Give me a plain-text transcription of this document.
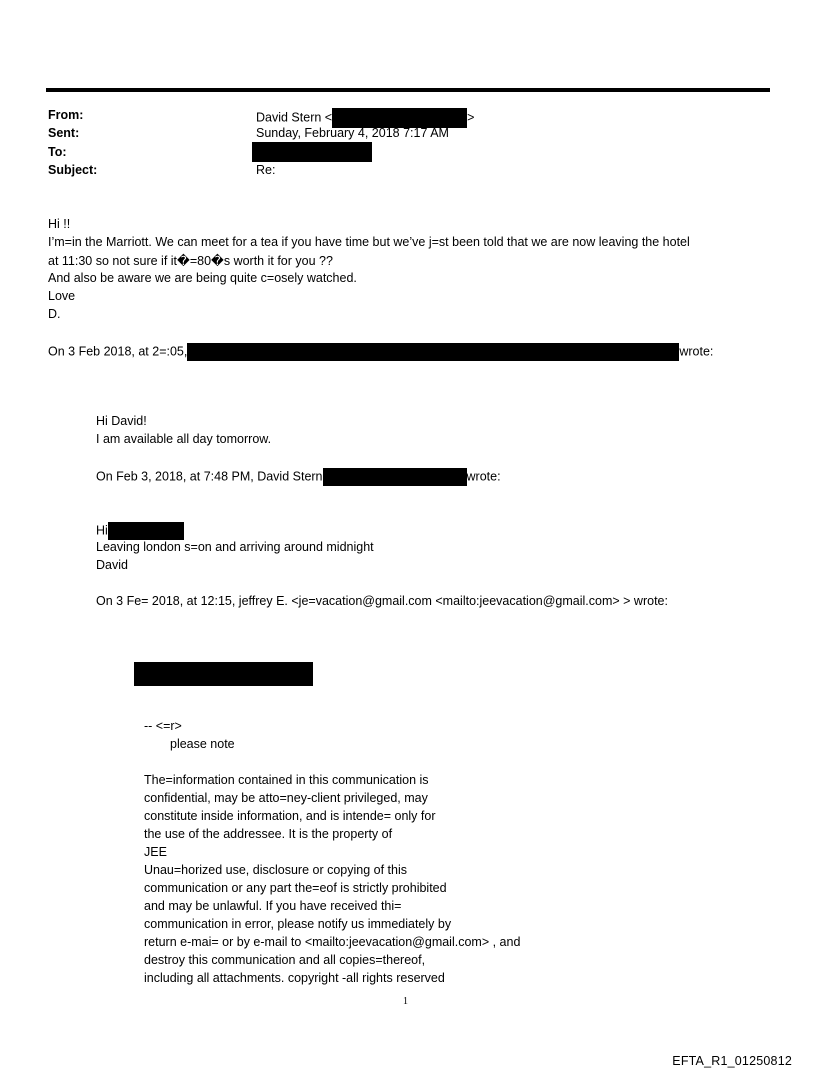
From:	David Stern <	>
Sent:	Sunday, February 4, 2018 7:17 AM
To:
Subject:	Re:
Hi !!
I’m=in the Marriott. We can meet for a tea if you have time but we’ve j=st been told that we are now leaving the hotel
at 11:30 so not sure if it�=80�s worth it for you ??
And also be aware we are being quite c=osely watched.
Love
D.
On 3 Feb 2018, at 2=:05,	wrote:
Hi David!
I am available all day tomorrow.
On Feb 3, 2018, at 7:48 PM, David Stern	wrote:
Hi
Leaving london s=on and arriving around midnight
David
On 3 Fe= 2018, at 12:15, jeffrey E. <je=vacation@gmail.com <mailto:jeevacation@gmail.com> > wrote:
-- <=r>
please note
The=information contained in this communication is
confidential, may be atto=ney-client privileged, may
constitute inside information, and is intende= only for
the use of the addressee. It is the property of
JEE
Unau=horized use, disclosure or copying of this
communication or any part the=eof is strictly prohibited
and may be unlawful. If you have received thi=
communication in error, please notify us immediately by
return e-mai= or by e-mail to <mailto:jeevacation@gmail.com> , and
destroy this communication and all copies=thereof,
including all attachments. copyright -all rights reserved
1
EFTA_R1_01250812
